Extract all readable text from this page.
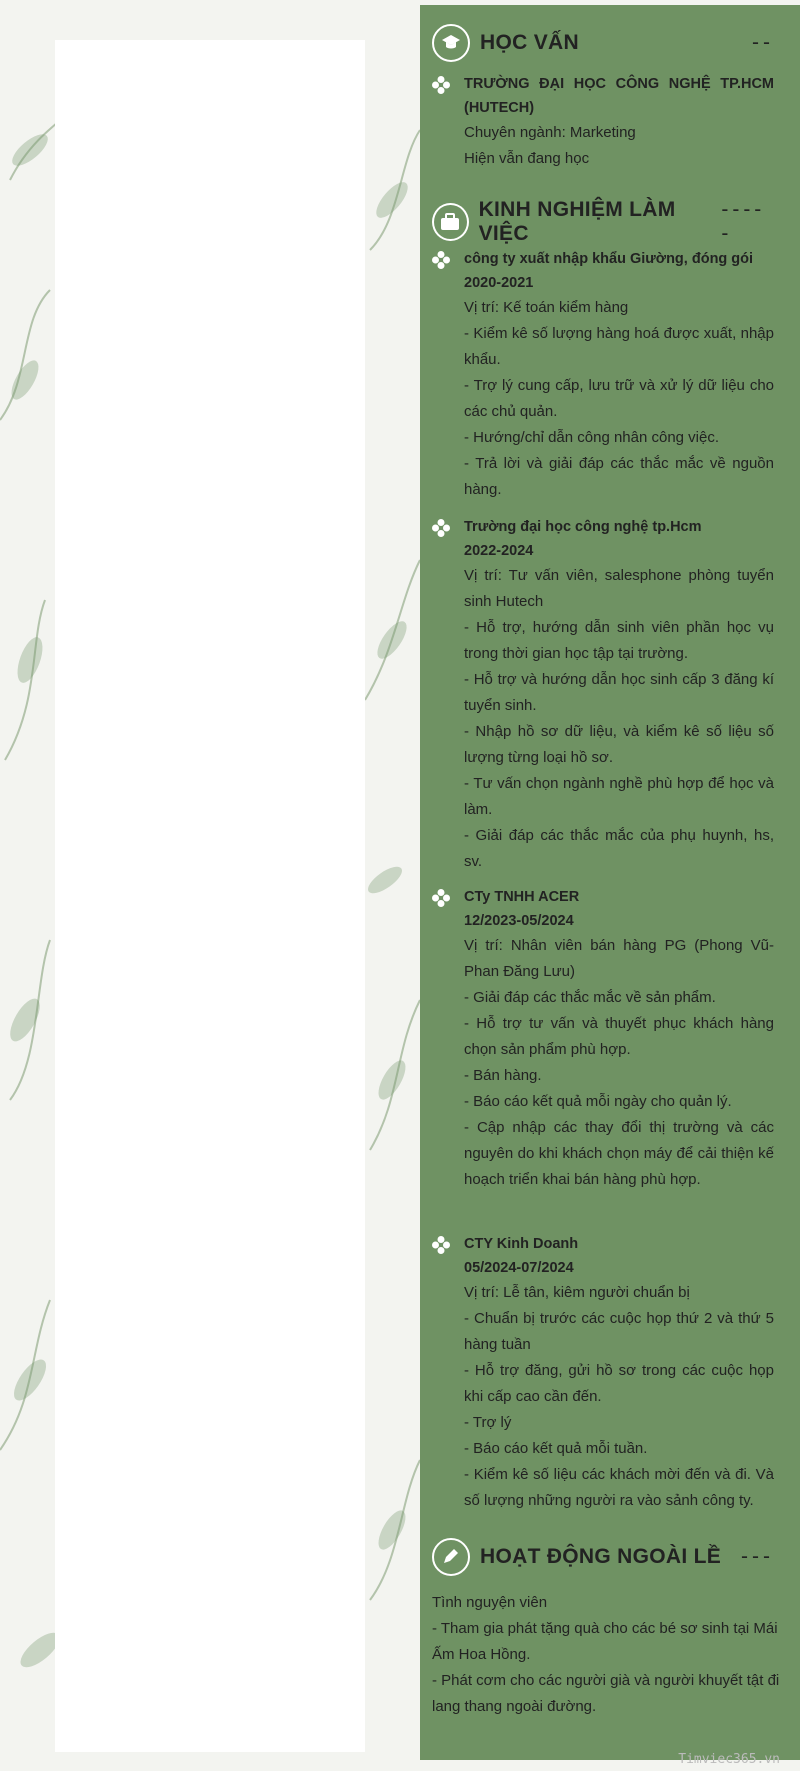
HỌC VẤN	--
TRƯỜNG ĐẠI HỌC CÔNG NGHỆ TP.HCM (HUTECH)
Chuyên ngành: Marketing
Hiện vẫn đang học
KINH NGHIỆM LÀM VIỆC
-----
công ty xuất nhập khẩu Giường, đóng gói
2020-2021
Vị trí: Kế toán kiểm hàng
- Kiểm kê số lượng hàng hoá được xuất, nhập khẩu.
- Trợ lý cung cấp, lưu trữ và xử lý dữ liệu cho các chủ quản.
- Hướng/chỉ dẫn công nhân công việc.
- Trả lời và giải đáp các thắc mắc về nguồn hàng.
Trường đại học công nghệ tp.Hcm
2022-2024
Vị trí: Tư vấn viên, salesphone phòng tuyển sinh Hutech
- Hỗ trợ, hướng dẫn sinh viên phần học vụ trong thời gian học tập tại trường.
- Hỗ trợ và hướng dẫn học sinh cấp 3 đăng kí tuyển sinh.
- Nhập hồ sơ dữ liệu, và kiểm kê số liệu số lượng từng loại hồ sơ.
- Tư vấn chọn ngành nghề phù hợp để học và làm.
- Giải đáp các thắc mắc của phụ huynh, hs, sv.
CTy TNHH ACER
12/2023-05/2024
Vị trí: Nhân viên bán hàng PG (Phong Vũ- Phan Đăng Lưu)
- Giải đáp các thắc mắc về sản phẩm.
- Hỗ trợ tư vấn và thuyết phục khách hàng chọn sản phẩm phù hợp.
- Bán hàng.
- Báo cáo kết quả mỗi ngày cho quản lý.
- Cập nhập các thay đổi thị trường và các nguyên do khi khách chọn máy để cải thiện kế hoạch triển khai bán hàng phù hợp.
CTY Kinh Doanh
05/2024-07/2024
Vị trí: Lễ tân, kiêm người chuẩn bị
- Chuẩn bị trước các cuộc họp thứ 2 và thứ 5 hàng tuần
- Hỗ trợ đăng, gửi hồ sơ trong các cuộc họp khi cấp cao cần đến.
- Trợ lý
- Báo cáo kết quả mỗi tuần.
- Kiểm kê số liệu các khách mời đến và đi. Và số lượng những người ra vào sảnh công ty.
HOẠT ĐỘNG NGOÀI LỀ ---
Tình nguyện viên
- Tham gia phát tặng quà cho các bé sơ sinh tại Mái Ấm Hoa Hồng.
- Phát cơm cho các người già và người khuyết tật đi lang thang ngoài đường.
Timviec365.vn
